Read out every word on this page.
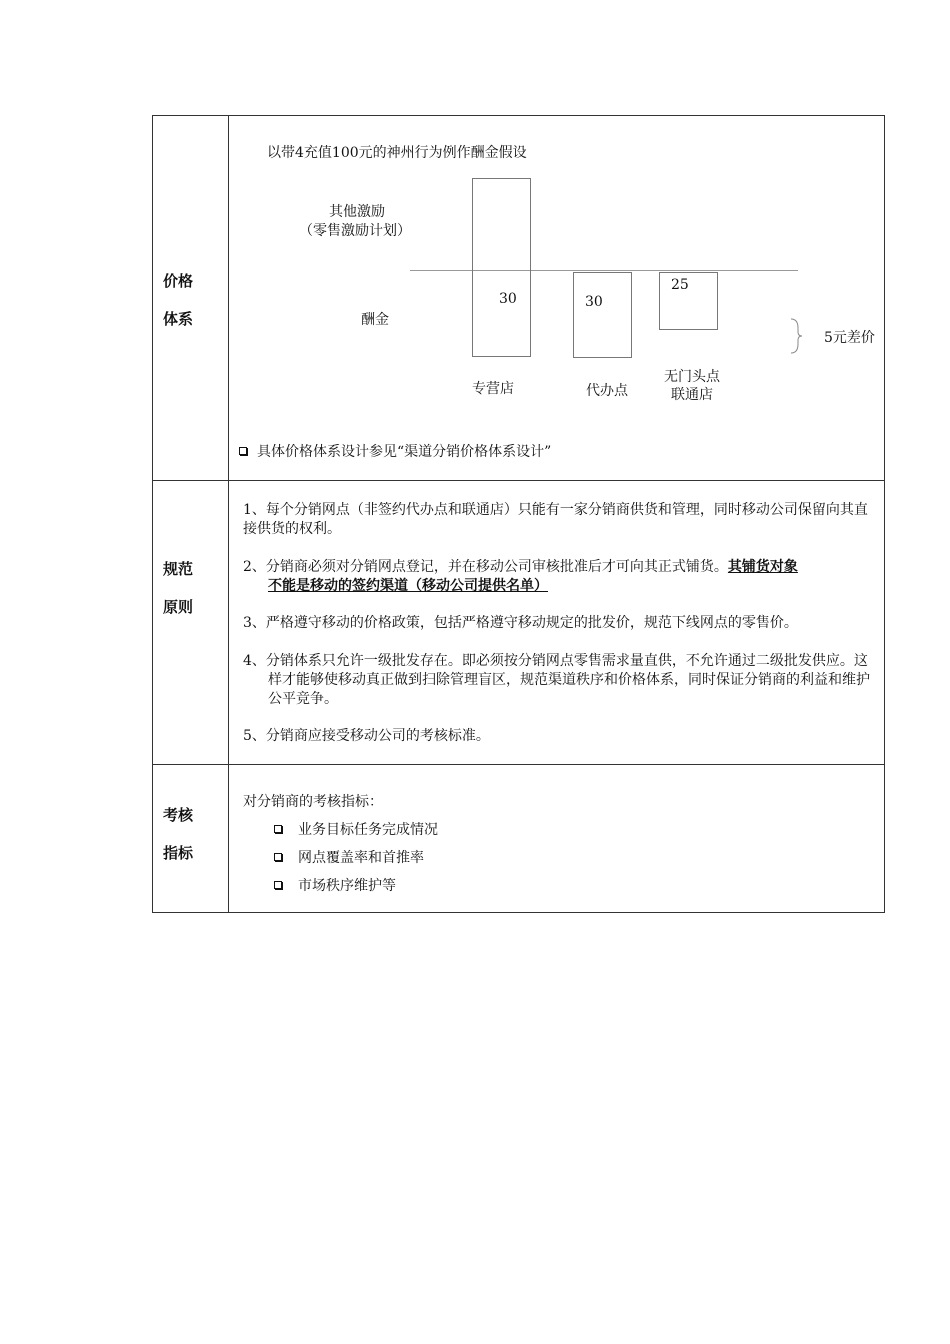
价格
体系
以带4充值100元的神州行为例作酬金假设
其他激励
（零售激励计划）
酬金
30	30
25
专营店	代办点
无门头点
联通店
5元差价
具体价格体系设计参见“渠道分销价格体系设计”
规范
原则
1、每个分销网点（非签约代办点和联通店）只能有一家分销商供货和管理，同时移动公司保留向其直接供货的权利。
2、分销商必须对分销网点登记，并在移动公司审核批准后才可向其正式铺货。其铺货对象
不能是移动的签约渠道（移动公司提供名单）
3、严格遵守移动的价格政策，包括严格遵守移动规定的批发价，规范下线网点的零售价。
4、分销体系只允许一级批发存在。即必须按分销网点零售需求量直供，不允许通过二级批发供应。这样才能够使移动真正做到扫除管理盲区，规范渠道秩序和价格体系，同时保证分销商的利益和维护公平竞争。
5、分销商应接受移动公司的考核标准。
考核
指标
对分销商的考核指标：
业务目标任务完成情况
网点覆盖率和首推率
市场秩序维护等
